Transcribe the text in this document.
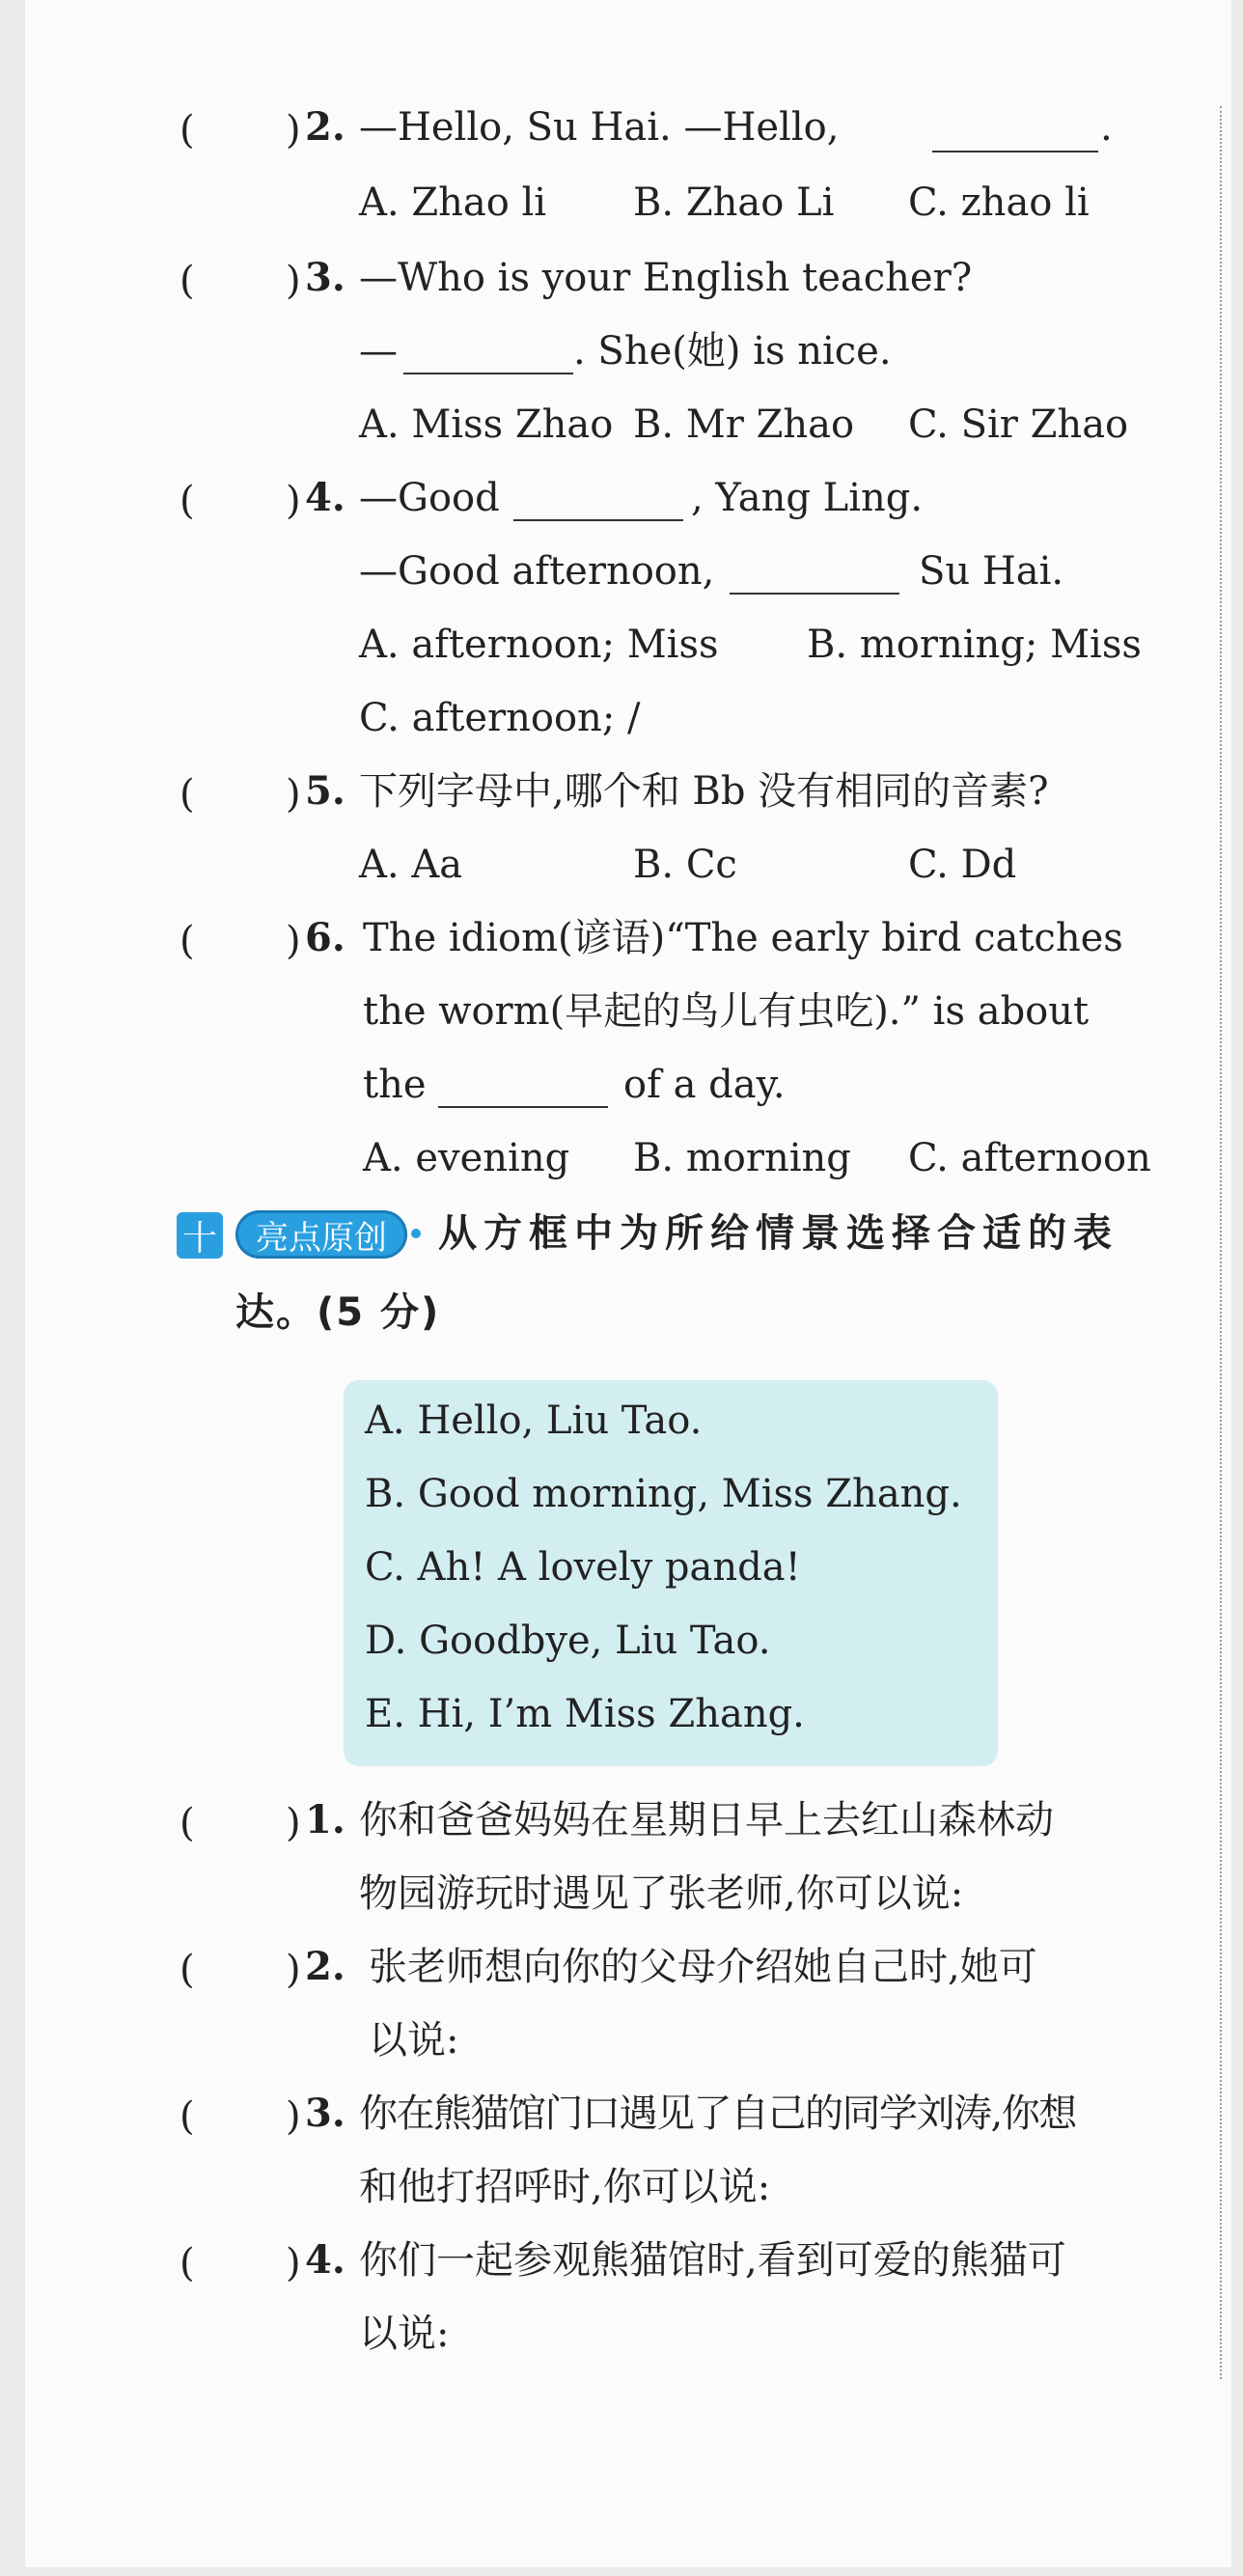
( ) 2. —Hello, Su Hai. —Hello,	.
A. Zhao li B. Zhao Li C. zhao li
( ) 3. —Who is your English teacher?
—	. She(她) is nice.
A. Miss Zhao B. Mr Zhao C. Sir Zhao
( ) 4. —Good	, Yang Ling.
—Good afternoon,	Su Hai.
A. afternoon; Miss B. morning; Miss
C. afternoon; /
( ) 5. 下列字母中,哪个和 Bb 没有相同的音素?
A. Aa	B. Cc	C. Dd
( ) 6. The idiom(谚语)“The early bird catches
the worm(早起的鸟儿有虫吃).” is about
the	of a day.
A. evening B. morning C. afternoon
十	亮点原创	从方框中为所给情景选择合适的表
达。(5 分)
A. Hello, Liu Tao.
B. Good morning, Miss Zhang.
C. Ah! A lovely panda!
D. Goodbye, Liu Tao.
E. Hi, I’m Miss Zhang.
( ) 1. 你和爸爸妈妈在星期日早上去红山森林动
物园游玩时遇见了张老师,你可以说:
( ) 2. 张老师想向你的父母介绍她自己时,她可
以说:
( ) 3. 你在熊猫馆门口遇见了自己的同学刘涛,你想
和他打招呼时,你可以说:
( ) 4. 你们一起参观熊猫馆时,看到可爱的熊猫可
以说:
